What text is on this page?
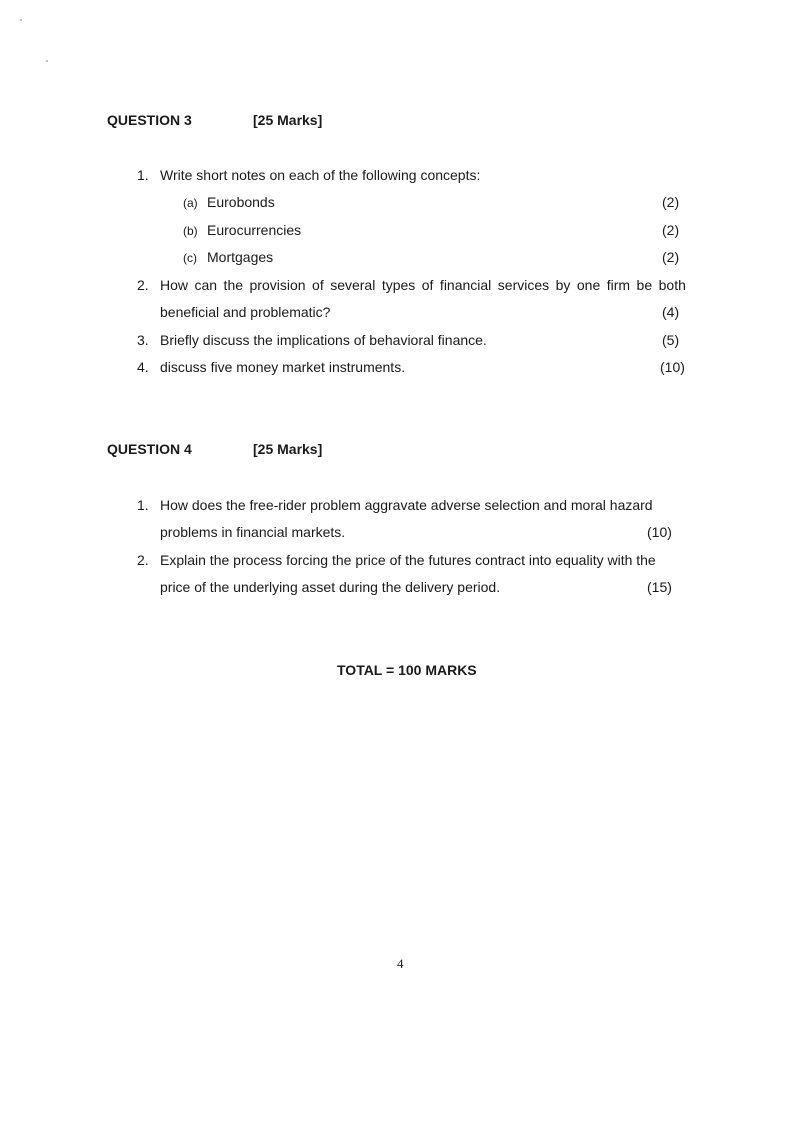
QUESTION 3	[25 Marks]
1. Write short notes on each of the following concepts:
(a) Eurobonds	(2)
(b) Eurocurrencies	(2)
(c) Mortgages	(2)
2. How can the provision of several types of financial services by one firm be both
beneficial and problematic?	(4)
3. Briefly discuss the implications of behavioral finance.	(5)
4. discuss five money market instruments.	(10)
QUESTION 4	[25 Marks]
1. How does the free-rider problem aggravate adverse selection and moral hazard
problems in financial markets.	(10)
2. Explain the process forcing the price of the futures contract into equality with the
price of the underlying asset during the delivery period.	(15)
TOTAL = 100 MARKS
4
